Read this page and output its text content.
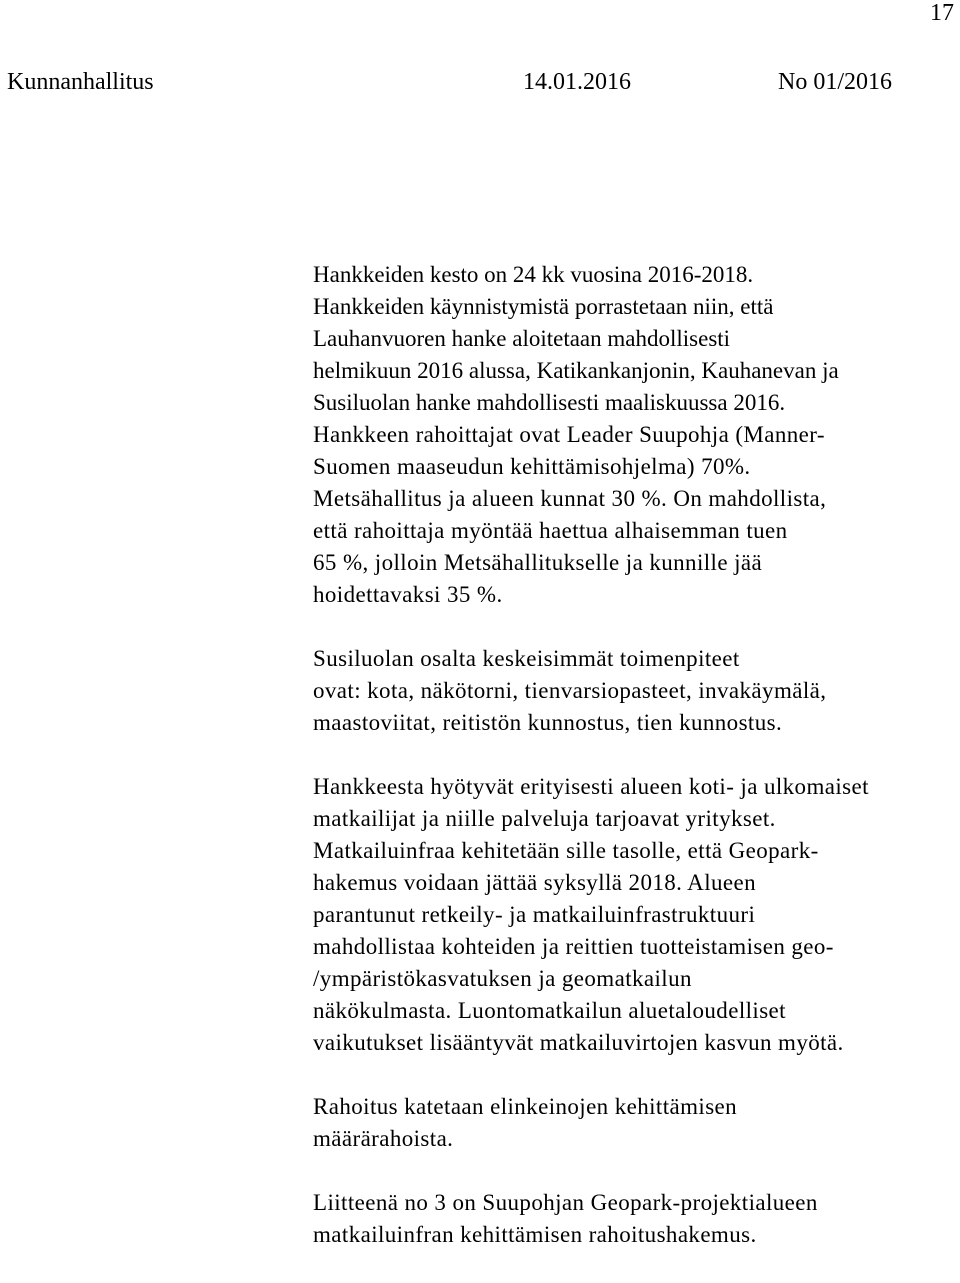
17
Kunnanhallitus	14.01.2016	No 01/2016
Hankkeiden kesto on 24 kk vuosina 2016-2018.
Hankkeiden käynnistymistä porrastetaan niin, että
Lauhanvuoren hanke aloitetaan mahdollisesti
helmikuun 2016 alussa, Katikankanjonin, Kauhanevan ja
Susiluolan hanke mahdollisesti maaliskuussa 2016.
Hankkeen rahoittajat ovat Leader Suupohja (Manner-
Suomen maaseudun kehittämisohjelma) 70%.
Metsähallitus ja alueen kunnat 30 %. On mahdollista,
että rahoittaja myöntää haettua alhaisemman tuen
65 %, jolloin Metsähallitukselle ja kunnille jää
hoidettavaksi 35 %.
Susiluolan osalta keskeisimmät toimenpiteet
ovat: kota, näkötorni, tienvarsiopasteet, invakäymälä,
maastoviitat, reitistön kunnostus, tien kunnostus.
Hankkeesta hyötyvät erityisesti alueen koti- ja ulkomaiset
matkailijat ja niille palveluja tarjoavat yritykset.
Matkailuinfraa kehitetään sille tasolle, että Geopark-
hakemus voidaan jättää syksyllä 2018. Alueen
parantunut retkeily- ja matkailuinfrastruktuuri
mahdollistaa kohteiden ja reittien tuotteistamisen geo-
/ympäristökasvatuksen ja geomatkailun
näkökulmasta. Luontomatkailun aluetaloudelliset
vaikutukset lisääntyvät matkailuvirtojen kasvun myötä.
Rahoitus katetaan elinkeinojen kehittämisen
määrärahoista.
Liitteenä no 3 on Suupohjan Geopark-projektialueen
matkailuinfran kehittämisen rahoitushakemus.
